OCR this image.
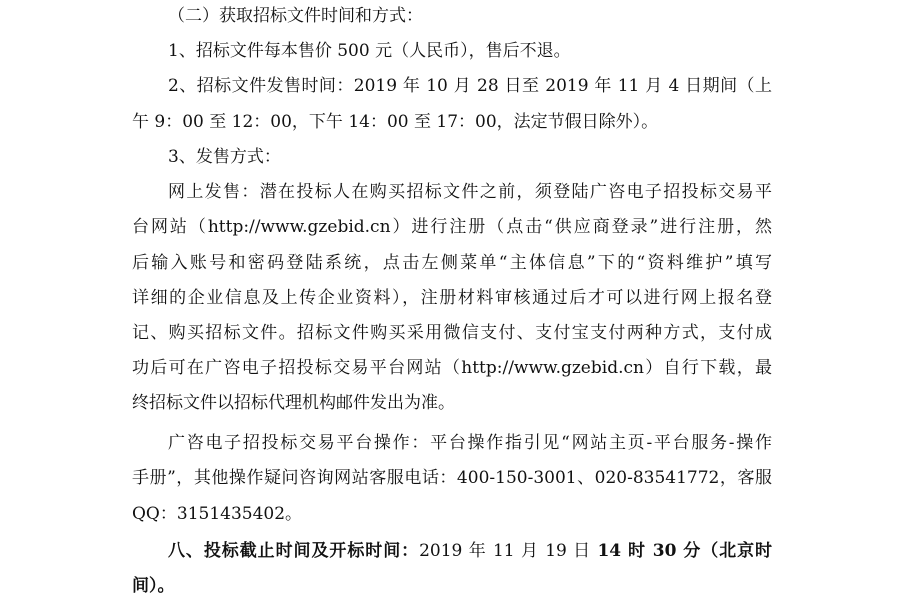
（二）获取招标文件时间和方式：
1、招标文件每本售价 500 元（人民币），售后不退。
2、招标文件发售时间：2019 年 10 月 28 日至 2019 年 11 月 4 日期间（上
午 9：00 至 12：00，下午 14：00 至 17：00，法定节假日除外）。
3、发售方式：
网上发售：潜在投标人在购买招标文件之前，须登陆广咨电子招投标交易平
台网站（http://www.gzebid.cn）进行注册（点击“供应商登录”进行注册，然
后输入账号和密码登陆系统，点击左侧菜单“主体信息”下的“资料维护”填写
详细的企业信息及上传企业资料），注册材料审核通过后才可以进行网上报名登
记、购买招标文件。招标文件购买采用微信支付、支付宝支付两种方式，支付成
功后可在广咨电子招投标交易平台网站（http://www.gzebid.cn）自行下载，最
终招标文件以招标代理机构邮件发出为准。
广咨电子招投标交易平台操作：平台操作指引见“网站主页-平台服务-操作
手册”，其他操作疑问咨询网站客服电话：400-150-3001、020-83541772，客服
QQ：3151435402。
八、投标截止时间及开标时间：2019 年 11 月 19 日 14 时 30 分（北京时
间）。
